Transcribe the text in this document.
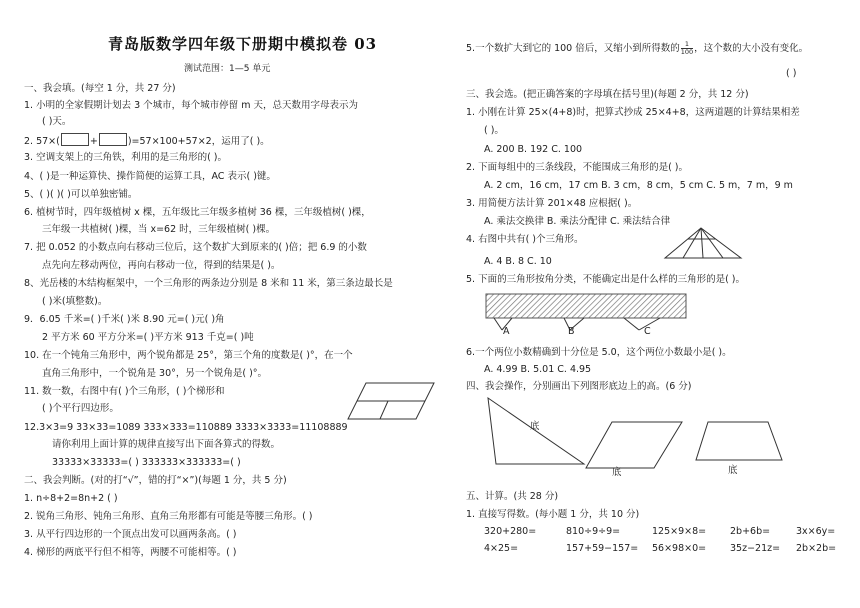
青岛版数学四年级下册期中模拟卷 03
测试范围：1—5 单元
一、我会填。(每空 1 分，共 27 分)
1. 小明的全家假期计划去 3 个城市，每个城市停留 m 天，总天数用字母表示为
( )天。
2. 57×(	+	)=57×100+57×2，运用了( )。
3. 空调支架上的三角铁，利用的是三角形的( )。
4、( )是一种运算快、操作简便的运算工具，AC 表示( )键。
5、( )( )( )可以单独密铺。
6. 植树节时，四年级植树 x 棵，五年级比三年级多植树 36 棵，三年级植树( )棵，
三年级一共植树( )棵，当 x=62 时，三年级植树( )棵。
7. 把 0.052 的小数点向右移动三位后，这个数扩大到原来的( )倍；把 6.9 的小数
点先向左移动两位，再向右移动一位，得到的结果是( )。
8、光岳楼的木结构框架中，一个三角形的两条边分别是 8 米和 11 米，第三条边最长是
( )米(填整数)。
9．6.05 千米=( )千米( )米 8.90 元=( )元( )角
2 平方米 60 平方分米=( )平方米 913 千克=( )吨
10. 在一个钝角三角形中，两个锐角都是 25°，第三个角的度数是( )°，在一个
直角三角形中，一个锐角是 30°，另一个锐角是( )°。
11. 数一数，右图中有( )个三角形，( )个梯形和
( )个平行四边形。
12.3×3=9 33×33=1089 333×333=110889 3333×3333=11108889
请你利用上面计算的规律直接写出下面各算式的得数。
33333×33333=( ) 333333×333333=( )
二、我会判断。(对的打“√”，错的打“×”)(每题 1 分，共 5 分)
1. n÷8+2=8n+2 ( )
2. 锐角三角形、钝角三角形、直角三角形都有可能是等腰三角形。( )
3. 从平行四边形的一个顶点出发可以画两条高。( )
4. 梯形的两底平行但不相等，两腰不可能相等。( )
5.一个数扩大到它的 100 倍后，又缩小到所得数的 $\frac{1}{100}$ ，这个数的大小没有变化。
( )
三、我会选。(把正确答案的字母填在括号里)(每题 2 分，共 12 分)
1. 小刚在计算 25×(4+8)时，把算式抄成 25×4+8，这两道题的计算结果相差
( )。
A. 200 B. 192 C. 100
2. 下面每组中的三条线段，不能围成三角形的是( )。
A. 2 cm，16 cm，17 cm B. 3 cm，8 cm，5 cm C. 5 m，7 m，9 m
3. 用简便方法计算 201×48 应根据( )。
A. 乘法交换律 B. 乘法分配律 C. 乘法结合律
4. 右图中共有( )个三角形。
A. 4 B. 8 C. 10
5. 下面的三角形按角分类，不能确定出是什么样的三角形的是( )。
A	B	C
6.一个两位小数精确到十分位是 5.0，这个两位小数最小是( )。
A. 4.99 B. 5.01 C. 4.95
四、我会操作，分别画出下列图形底边上的高。(6 分)
底
底	底
五、计算。(共 28 分)
1. 直接写得数。(每小题 1 分，共 10 分)
320+280=	810÷9÷9=	125×9×8=	2b+6b=	3x×6y=
4×25=	157+59−157= 56×98×0=	35z−21z= 2b×2b=
